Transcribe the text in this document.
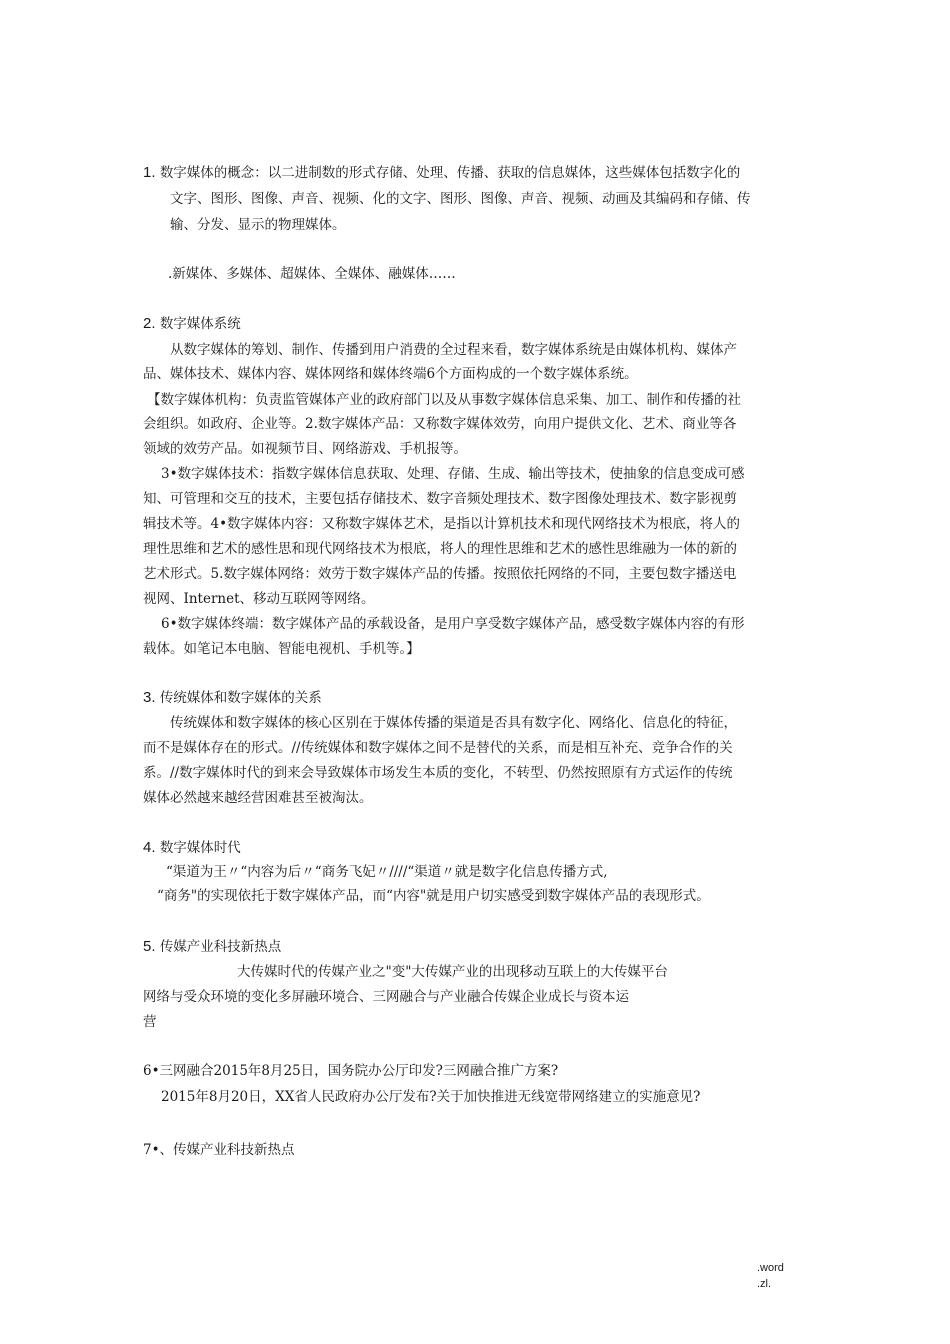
1. 数字媒体的概念：以二进制数的形式存储、处理、传播、获取的信息媒体，这些媒体包括数字化的
文字、图形、图像、声音、视频、化的文字、图形、图像、声音、视频、动画及其编码和存储、传
输、分发、显示的物理媒体。
.新媒体、多媒体、超媒体、全媒体、融媒体……
2. 数字媒体系统
从数字媒体的筹划、制作、传播到用户消费的全过程来看，数字媒体系统是由媒体机构、媒体产
品、媒体技术、媒体内容、媒体网络和媒体终端6个方面构成的一个数字媒体系统。
【数字媒体机构：负责监管媒体产业的政府部门以及从事数字媒体信息采集、加工、制作和传播的社
会组织。如政府、企业等。2.数字媒体产品：又称数字媒体效劳，向用户提供文化、艺术、商业等各
领域的效劳产品。如视频节目、网络游戏、手机报等。
3•数字媒体技术：指数字媒体信息获取、处理、存储、生成、输出等技术，使抽象的信息变成可感
知、可管理和交互的技术，主要包括存储技术、数字音频处理技术、数字图像处理技术、数字影视剪
辑技术等。4•数字媒体内容：又称数字媒体艺术，是指以计算机技术和现代网络技术为根底，将人的
理性思维和艺术的感性思和现代网络技术为根底，将人的理性思维和艺术的感性思维融为一体的新的
艺术形式。5.数字媒体网络：效劳于数字媒体产品的传播。按照依托网络的不同，主要包数字播送电
视网、Internet、移动互联网等网络。
6•数字媒体终端：数字媒体产品的承载设备，是用户享受数字媒体产品，感受数字媒体内容的有形
载体。如笔记本电脑、智能电视机、手机等。】
3. 传统媒体和数字媒体的关系
传统媒体和数字媒体的核心区别在于媒体传播的渠道是否具有数字化、网络化、信息化的特征，
而不是媒体存在的形式。//传统媒体和数字媒体之间不是替代的关系，而是相互补充、竞争合作的关
系。//数字媒体时代的到来会导致媒体市场发生本质的变化，不转型、仍然按照原有方式运作的传统
媒体必然越来越经营困难甚至被淘汰。
4. 数字媒体时代
“渠道为王〃“内容为后〃“商务飞妃〃////“渠道〃就是数字化信息传播方式,
“商务"的实现依托于数字媒体产品，而“内容"就是用户切实感受到数字媒体产品的表现形式。
5. 传媒产业科技新热点
大传媒时代的传媒产业之"变"大传媒产业的出现移动互联上的大传媒平台
网络与受众环境的变化多屏融环境合、三网融合与产业融合传媒企业成长与资本运
营
6•三网融合2015年8月25日，国务院办公厅印发?三网融合推广方案?
2015年8月20日，XX省人民政府办公厅发布?关于加快推进无线宽带网络建立的实施意见?
7•、传媒产业科技新热点
.word
.zl.
